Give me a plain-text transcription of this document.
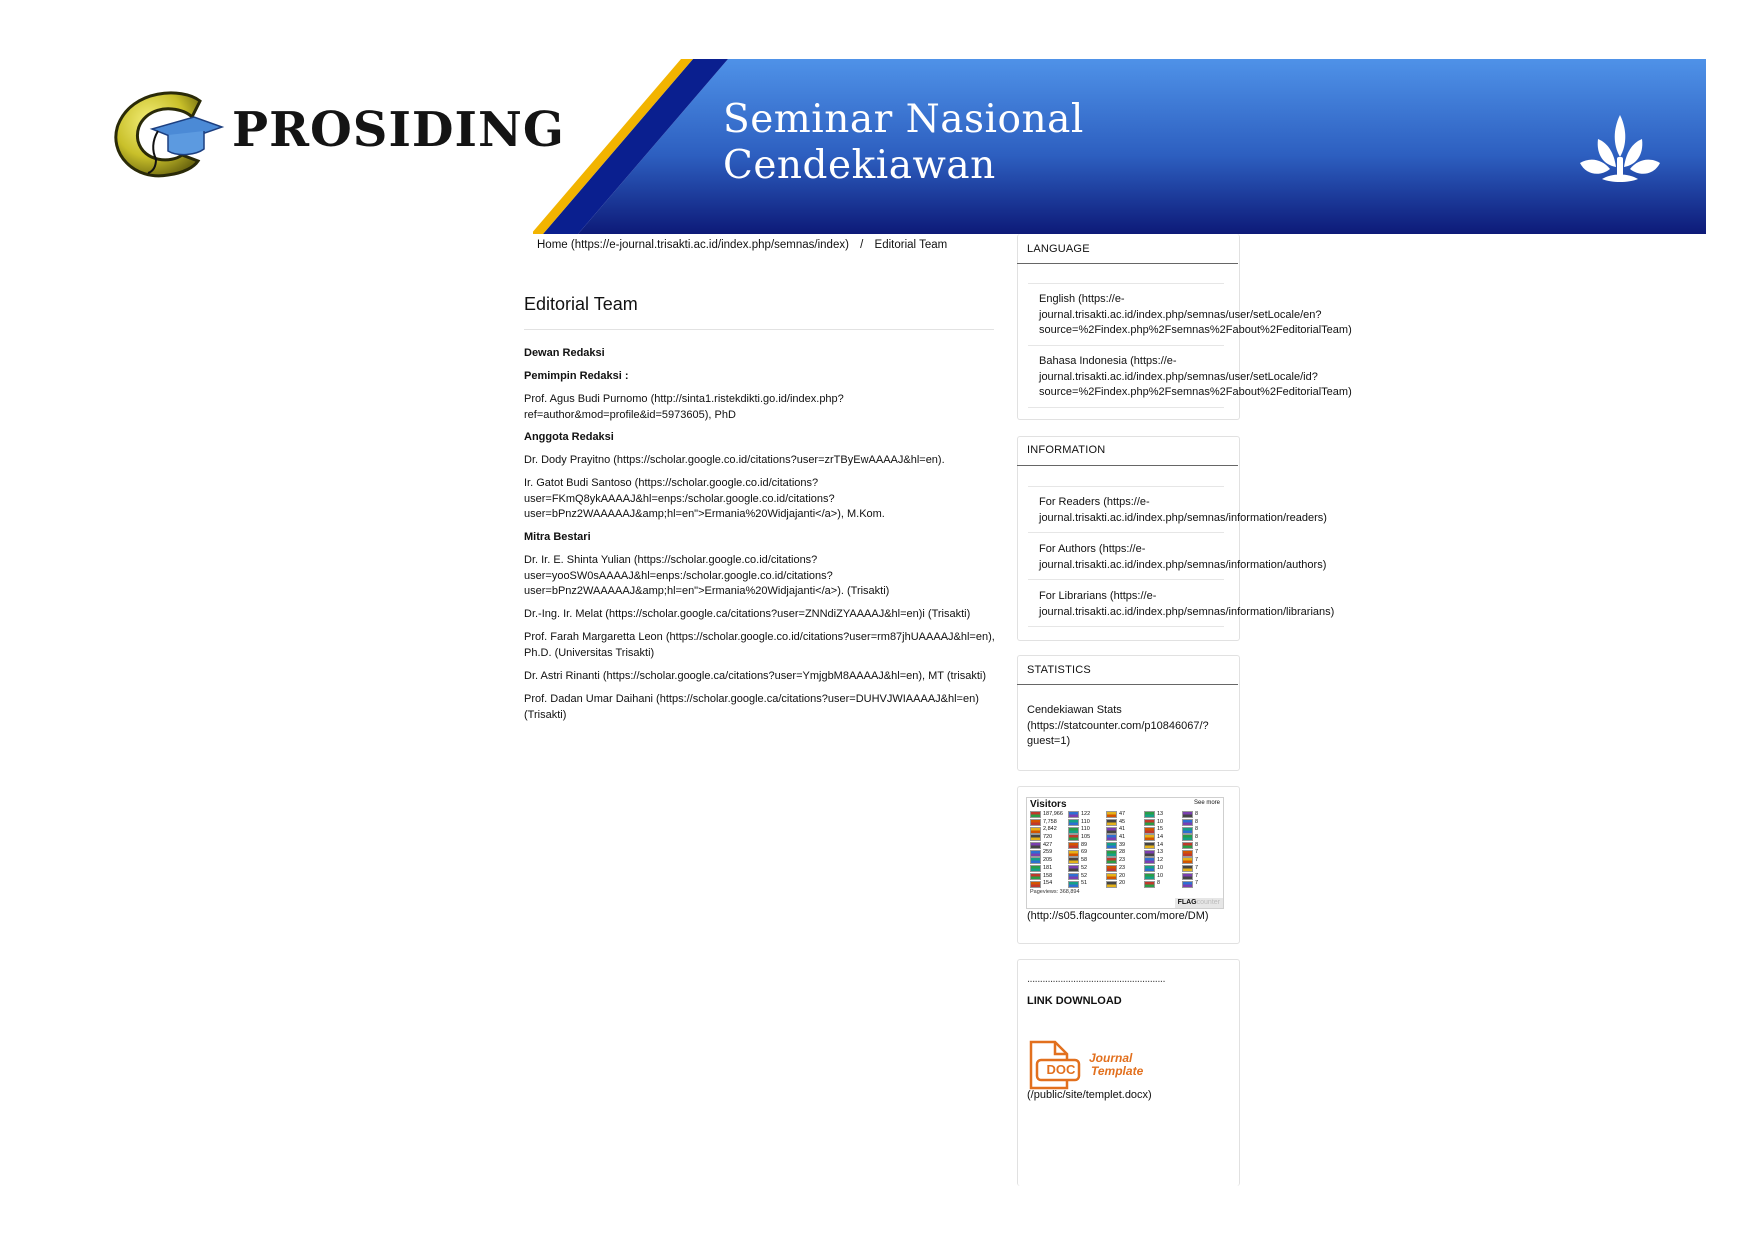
PROSIDING	Seminar Nasional
Cendekiawan
Home (https://e-journal.trisakti.ac.id/index.php/semnas/index) / Editorial Team
Editorial Team
Dewan Redaksi
Pemimpin Redaksi :
Prof. Agus Budi Purnomo (http://sinta1.ristekdikti.go.id/index.php?
ref=author&mod=profile&id=5973605), PhD
Anggota Redaksi
Dr. Dody Prayitno (https://scholar.google.co.id/citations?user=zrTByEwAAAAJ&hl=en).
Ir. Gatot Budi Santoso (https://scholar.google.co.id/citations?
user=FKmQ8ykAAAAJ&hl=enps:/scholar.google.co.id/citations?
user=bPnz2WAAAAAJ&amp;hl=en">Ermania%20Widjajanti</a>), M.Kom.
Mitra Bestari
Dr. Ir. E. Shinta Yulian (https://scholar.google.co.id/citations?
user=yooSW0sAAAAJ&hl=enps:/scholar.google.co.id/citations?
user=bPnz2WAAAAAJ&amp;hl=en">Ermania%20Widjajanti</a>). (Trisakti)
Dr.-Ing. Ir. Melat (https://scholar.google.ca/citations?user=ZNNdiZYAAAAJ&hl=en)i (Trisakti)
Prof. Farah Margaretta Leon (https://scholar.google.co.id/citations?user=rm87jhUAAAAJ&hl=en),
Ph.D. (Universitas Trisakti)
Dr. Astri Rinanti (https://scholar.google.ca/citations?user=YmjgbM8AAAAJ&hl=en), MT (trisakti)
Prof. Dadan Umar Daihani (https://scholar.google.ca/citations?user=DUHVJWIAAAAJ&hl=en)
(Trisakti)
LANGUAGE
English (https://e-
journal.trisakti.ac.id/index.php/semnas/user/setLocale/en?
source=%2Findex.php%2Fsemnas%2Fabout%2FeditorialTeam)
Bahasa Indonesia (https://e-
journal.trisakti.ac.id/index.php/semnas/user/setLocale/id?
source=%2Findex.php%2Fsemnas%2Fabout%2FeditorialTeam)
INFORMATION
For Readers (https://e-
journal.trisakti.ac.id/index.php/semnas/information/readers)
For Authors (https://e-
journal.trisakti.ac.id/index.php/semnas/information/authors)
For Librarians (https://e-
journal.trisakti.ac.id/index.php/semnas/information/librarians)
STATISTICS
Cendekiawan Stats
(https://statcounter.com/p10846067/?
guest=1)
Visitors	See more
187,966	122	47	13	8
7,758	110	45	10	8
2,842	110	41	15	8
720	105	41	14	8
427	89	39	14	8
259	69	28	13	7
205	58	23	12	7
181	52	23	10	7
158	52	20	10	7
154	51	20	8	7
Pageviews: 368,894
FLAGcounter
(http://s05.flagcounter.com/more/DM)
......................................................
LINK DOWNLOAD
DOC
Journal
Template
(/public/site/templet.docx)
